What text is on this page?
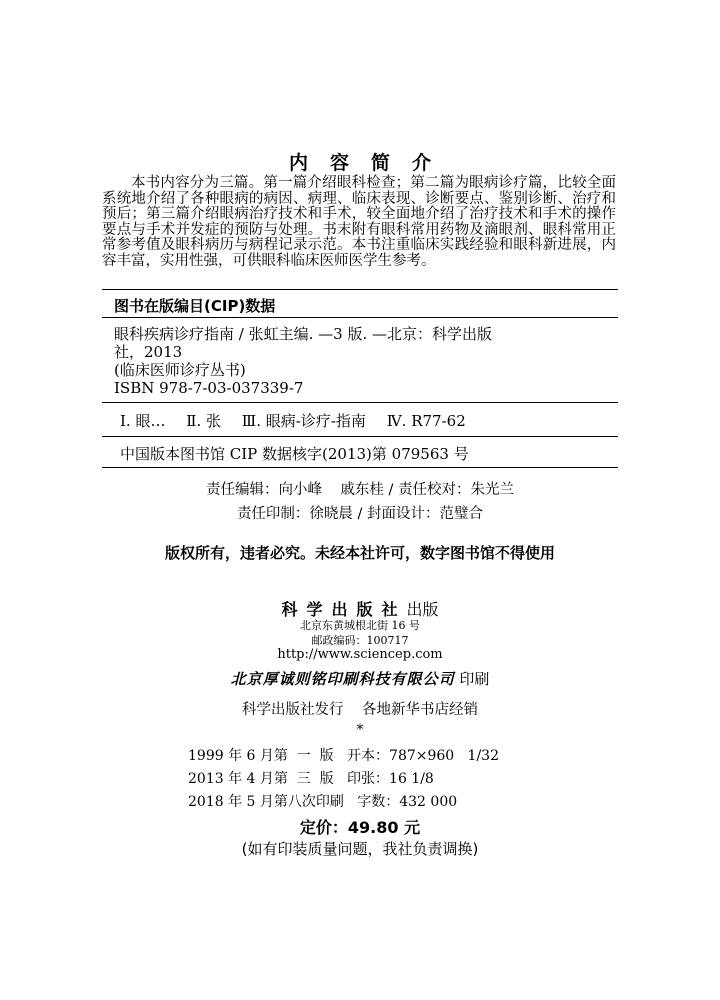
内容简介

本书内容分为三篇。第一篇介绍眼科检查；第二篇为眼病诊疗篇，比较全面系统地介绍了各种眼病的病因、病理、临床表现、诊断要点、鉴别诊断、治疗和预后；第三篇介绍眼病治疗技术和手术，较全面地介绍了治疗技术和手术的操作要点与手术并发症的预防与处理。书末附有眼科常用药物及滴眼剂、眼科常用正常参考值及眼科病历与病程记录示范。本书注重临床实践经验和眼科新进展，内容丰富，实用性强，可供眼科临床医师医学生参考。

图书在版编目(CIP)数据
眼科疾病诊疗指南 / 张虹主编. —3 版. —北京：科学出版
社，2013
(临床医师诊疗丛书)
ISBN 978-7-03-037339-7
Ⅰ. 眼… Ⅱ. 张 Ⅲ. 眼病-诊疗-指南 Ⅳ. R77-62
中国版本图书馆 CIP 数据核字(2013)第 079563 号
责任编辑：向小峰    戚东桂 / 责任校对：朱光兰
责任印制：徐晓晨 / 封面设计：范璧合
版权所有，违者必究。未经本社许可，数字图书馆不得使用
科学出版社出版
北京东黄城根北街 16 号
邮政编码：100717
http://www.sciencep.com
北京厚诚则铭印刷科技有限公司 印刷
科学出版社发行    各地新华书店经销
*
1999 年 6 月第  一  版   开本：787×960   1/32
2013 年 4 月第  三  版   印张：16 1/8
2018 年 5 月第八次印刷   字数：432 000
定价：49.80 元
(如有印装质量问题，我社负责调换)
